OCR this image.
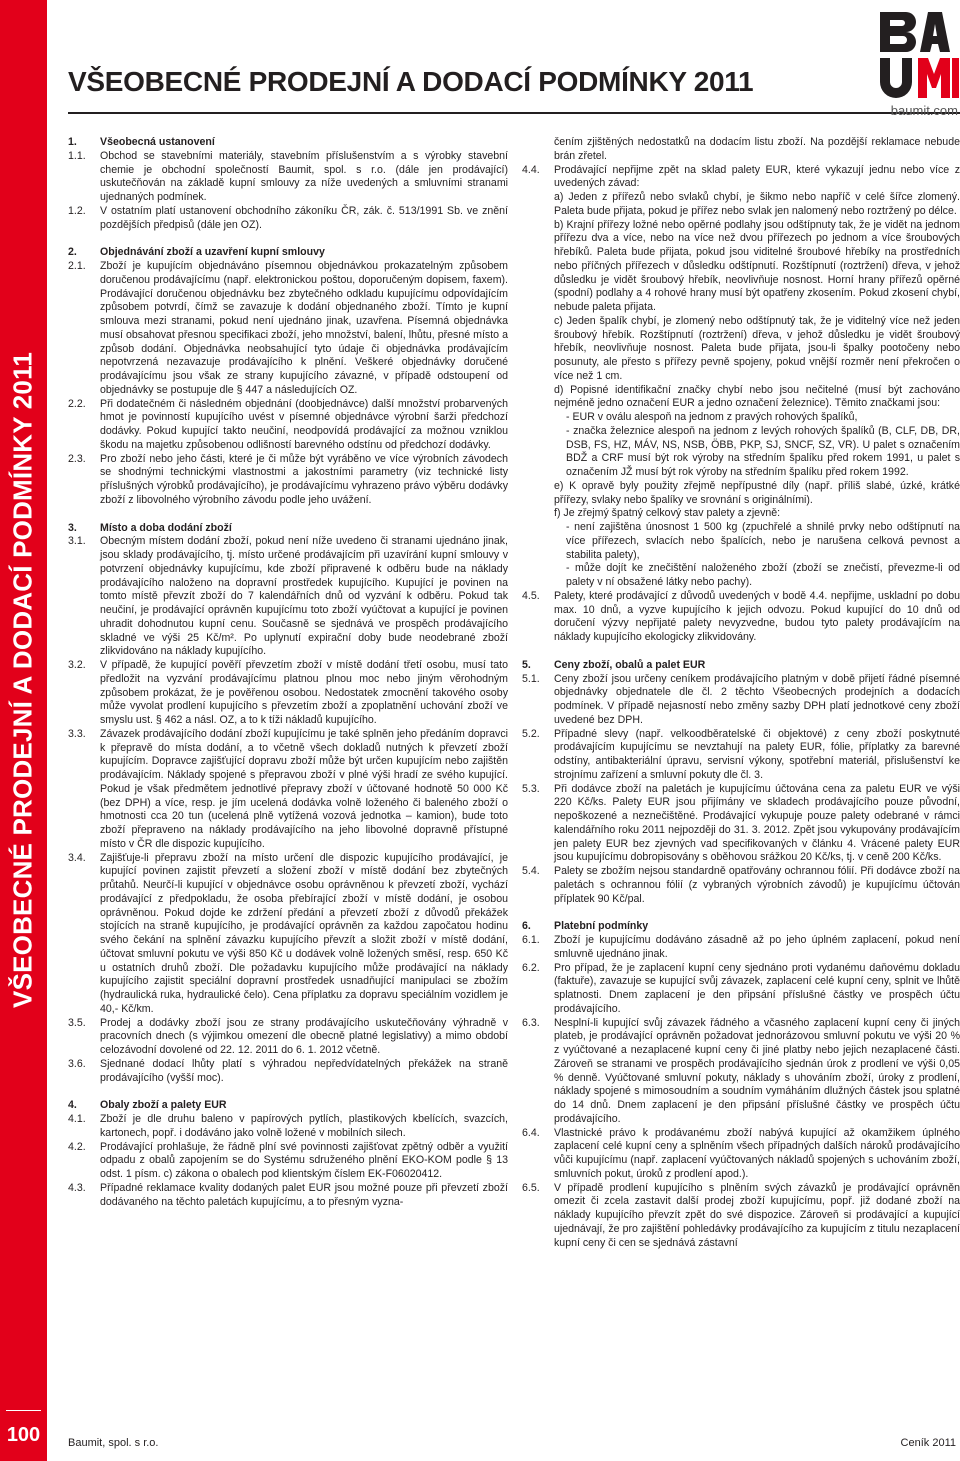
VŠEOBECNÉ PRODEJNÍ A DODACÍ PODMÍNKY 2011
100
VŠEOBECNÉ PRODEJNÍ A DODACÍ PODMÍNKY 2011
baumit.com
1.	Všeobecná ustanovení
1.1.	Obchod se stavebními materiály, stavebním příslušenstvím a s výrobky stavební chemie je obchodní společností Baumit, spol. s r.o. (dále jen prodávající) uskutečňován na základě kupní smlouvy za níže uvedených a smluvními stranami ujednaných podmínek.
1.2.	V ostatním platí ustanovení obchodního zákoníku ČR, zák. č. 513/1991 Sb. ve znění pozdějších předpisů (dále jen OZ).
2.	Objednávání zboží a uzavření kupní smlouvy
2.1.	Zboží je kupujícím objednáváno písemnou objednávkou prokazatelným způsobem doručenou prodávajícímu (např. elektronickou poštou, doporučeným dopisem, faxem). Prodávající doručenou objednávku bez zbytečného odkladu kupujícímu odpovídajícím způsobem potvrdí, čímž se zavazuje k dodání objednaného zboží. Tímto je kupní smlouva mezi stranami, pokud není ujednáno jinak, uzavřena. Písemná objednávka musí obsahovat přesnou specifikaci zboží, jeho množství, balení, lhůtu, přesné místo a způsob dodání. Objednávka neobsahující tyto údaje či objednávka prodávajícím nepotvrzená nezavazuje prodávajícího k plnění. Veškeré objednávky doručené prodávajícímu jsou však ze strany kupujícího závazné, v případě odstoupení od objednávky se postupuje dle § 447 a následujících OZ.
2.2.	Při dodatečném či následném objednání (doobjednávce) další množství probarvených hmot je povinností kupujícího uvést v písemné objednávce výrobní šarži předchozí dodávky. Pokud kupující takto neučiní, neodpovídá prodávající za možnou vzniklou škodu na majetku způsobenou odlišností barevného odstínu od předchozí dodávky.
2.3.	Pro zboží nebo jeho části, které je či může být vyráběno ve více výrobních závodech se shodnými technickými vlastnostmi a jakostními parametry (viz technické listy příslušných výrobků prodávajícího), je prodávajícímu vyhrazeno právo výběru dodávky zboží z libovolného výrobního závodu podle jeho uvážení.
3.	Místo a doba dodání zboží
3.1.	Obecným místem dodání zboží, pokud není níže uvedeno či stranami ujednáno jinak, jsou sklady prodávajícího, tj. místo určené prodávajícím při uzavírání kupní smlouvy v potvrzení objednávky kupujícímu, kde zboží připravené k odběru bude na náklady prodávajícího naloženo na dopravní prostředek kupujícího. Kupující je povinen na tomto místě převzít zboží do 7 kalendářních dnů od vyzvání k odběru. Pokud tak neučiní, je prodávající oprávněn kupujícímu toto zboží vyúčtovat a kupující je povinen uhradit dohodnutou kupní cenu. Současně se sjednává ve prospěch prodávajícího skladné ve výši 25 Kč/m². Po uplynutí expirační doby bude neodebrané zboží zlikvidováno na náklady kupujícího.
3.2.	V případě, že kupující pověří převzetím zboží v místě dodání třetí osobu, musí tato předložit na vyzvání prodávajícímu platnou plnou moc nebo jiným věrohodným způsobem prokázat, že je pověřenou osobou. Nedostatek zmocnění takového osoby může vyvolat prodlení kupujícího s převzetím zboží a zpoplatnění uchování zboží ve smyslu ust. § 462 a násl. OZ, a to k tíži nákladů kupujícího.
3.3.	Závazek prodávajícího dodání zboží kupujícímu je také splněn jeho předáním dopravci k přepravě do místa dodání, a to včetně všech dokladů nutných k převzetí zboží kupujícím. Dopravce zajišťující dopravu zboží může být určen kupujícím nebo zajištěn prodávajícím. Náklady spojené s přepravou zboží v plné výši hradí ze svého kupující. Pokud je však předmětem jednotlivé přepravy zboží v účtované hodnotě 50 000 Kč (bez DPH) a více, resp. je jím ucelená dodávka volně loženého či baleného zboží o hmotnosti cca 20 tun (ucelená plně vytížená vozová jednotka – kamion), bude toto zboží přepraveno na náklady prodávajícího na jeho libovolné dopravně přístupné místo v ČR dle dispozic kupujícího.
3.4.	Zajišťuje-li přepravu zboží na místo určení dle dispozic kupujícího prodávající, je kupující povinen zajistit převzetí a složení zboží v místě dodání bez zbytečných průtahů. Neurčí-li kupující v objednávce osobu oprávněnou k převzetí zboží, vychází prodávající z předpokladu, že osoba přebírající zboží v místě dodání, je osobou oprávněnou. Pokud dojde ke zdržení předání a převzetí zboží z důvodů překážek stojících na straně kupujícího, je prodávající oprávněn za každou započatou hodinu svého čekání na splnění závazku kupujícího převzít a složit zboží v místě dodání, účtovat smluvní pokutu ve výši 850 Kč u dodávek volně ložených směsí, resp. 650 Kč u ostatních druhů zboží. Dle požadavku kupujícího může prodávající na náklady kupujícího zajistit speciální dopravní prostředek usnadňující manipulaci se zbožím (hydraulická ruka, hydraulické čelo). Cena příplatku za dopravu speciálním vozidlem je 40,- Kč/km.
3.5.	Prodej a dodávky zboží jsou ze strany prodávajícího uskutečňovány výhradně v pracovních dnech (s výjimkou omezení dle obecně platné legislativy) a mimo období celozávodní dovolené od 22. 12. 2011 do 6. 1. 2012 včetně.
3.6.	Sjednané dodací lhůty platí s výhradou nepředvídatelných překážek na straně prodávajícího (vyšší moc).
4.	Obaly zboží a palety EUR
4.1.	Zboží je dle druhu baleno v papírových pytlích, plastikových kbelících, svazcích, kartonech, popř. i dodáváno jako volně ložené v mobilních silech.
4.2.	Prodávající prohlašuje, že řádně plní své povinnosti zajišťovat zpětný odběr a využití odpadu z obalů zapojením se do Systému sdruženého plnění EKO-KOM podle § 13 odst. 1 písm. c) zákona o obalech pod klientským číslem EK-F06020412.
4.3.	Případné reklamace kvality dodaných palet EUR jsou možné pouze při převzetí zboží dodávaného na těchto paletách kupujícímu, a to přesným vyzna-
čením zjištěných nedostatků na dodacím listu zboží. Na pozdější reklamace nebude brán zřetel.
4.4.	Prodávající nepřijme zpět na sklad palety EUR, které vykazují jednu nebo více z uvedených závad:

a) Jeden z přířezů nebo svlaků chybí, je šikmo nebo napříč v celé šířce zlomený. Paleta bude přijata, pokud je přířez nebo svlak jen nalomený nebo roztržený po délce.

b) Krajní přířezy ložné nebo opěrné podlahy jsou odštípnuty tak, že je vidět na jednom přířezu dva a více, nebo na více než dvou přířezech po jednom a více šroubových hřebíků. Paleta bude přijata, pokud jsou viditelné šroubové hřebíky na prostředních nebo příčných přířezech v důsledku odštípnutí. Rozštípnutí (roztržení) dřeva, v jehož důsledku je vidět šroubový hřebík, neovlivňuje nosnost. Horní hrany přířezů opěrné (spodní) podlahy a 4 rohové hrany musí být opatřeny zkosením. Pokud zkosení chybí, nebude paleta přijata.

c) Jeden špalík chybí, je zlomený nebo odštípnutý tak, že je viditelný více než jeden šroubový hřebík. Rozštípnutí (roztržení) dřeva, v jehož důsledku je vidět šroubový hřebík, neovlivňuje nosnost. Paleta bude přijata, jsou-li špalky pootočeny nebo posunuty, ale přesto s přířezy pevně spojeny, pokud vnější rozměr není překročen o více než 1 cm.

d) Popisné identifikační značky chybí nebo jsou nečitelné (musí být zachováno nejméně jedno označení EUR a jedno označení železnice). Těmito značkami jsou:

- EUR v oválu alespoň na jednom z pravých rohových špalíků,

- značka železnice alespoň na jednom z levých rohových špalíků (B, CLF, DB, DR, DSB, FS, HZ, MÁV, NS, NSB, ÖBB, PKP, SJ, SNCF, SZ, VR). U palet s označením BDŽ a CRF musí být rok výroby na středním špalíku před rokem 1991, u palet s označením JŽ musí být rok výroby na středním špalíku před rokem 1992.

e) K opravě byly použity zřejmě nepřípustné díly (např. příliš slabé, úzké, krátké přířezy, svlaky nebo špalíky ve srovnání s originálními).

f) Je zřejmý špatný celkový stav palety a zjevně:

- není zajištěna únosnost 1 500 kg (zpuchřelé a shnilé prvky nebo odštípnutí na více přířezech, svlacích nebo špalících, nebo je narušena celková pevnost a stabilita palety),

- může dojít ke znečištění naloženého zboží (zboží se znečistí, převezme-li od palety v ní obsažené látky nebo pachy).

4.5.	Palety, které prodávající z důvodů uvedených v bodě 4.4. nepřijme, uskladní po dobu max. 10 dnů, a vyzve kupujícího k jejich odvozu. Pokud kupující do 10 dnů od doručení výzvy nepřijaté palety nevyzvedne, budou tyto palety prodávajícím na náklady kupujícího ekologicky zlikvidovány.
5.	Ceny zboží, obalů a palet EUR
5.1.	Ceny zboží jsou určeny ceníkem prodávajícího platným v době přijetí řádné písemné objednávky objednatele dle čl. 2 těchto Všeobecných prodejních a dodacích podmínek. V případě nejasností nebo změny sazby DPH platí jednotkové ceny zboží uvedené bez DPH.
5.2.	Případné slevy (např. velkoodběratelské či objektové) z ceny zboží poskytnuté prodávajícím kupujícímu se nevztahují na palety EUR, fólie, příplatky za barevné odstíny, antibakteriální úpravu, servisní výkony, spotřební materiál, přislušenství ke strojnímu zařízení a smluvní pokuty dle čl. 3.
5.3.	Při dodávce zboží na paletách je kupujícímu účtována cena za paletu EUR ve výši 220 Kč/ks. Palety EUR jsou přijímány ve skladech prodávajícího pouze původní, nepoškozené a neznečištěné. Prodávající vykupuje pouze palety odebrané v rámci kalendářního roku 2011 nejpozději do 31. 3. 2012. Zpět jsou vykupovány prodávajícím jen palety EUR bez zjevných vad specifikovaných v článku 4. Vrácené palety EUR jsou kupujícímu dobropisovány s oběhovou srážkou 20 Kč/ks, tj. v ceně 200 Kč/ks.
5.4.	Palety se zbožím nejsou standardně opatřovány ochrannou fólií. Při dodávce zboží na paletách s ochrannou fólií (z vybraných výrobních závodů) je kupujícímu účtován příplatek 90 Kč/pal.
6.	Platební podmínky
6.1.	Zboží je kupujícímu dodáváno zásadně až po jeho úplném zaplacení, pokud není smluvně ujednáno jinak.
6.2.	Pro případ, že je zaplacení kupní ceny sjednáno proti vydanému daňovému dokladu (faktuře), zavazuje se kupující svůj závazek, zaplacení celé kupní ceny, splnit ve lhůtě splatnosti. Dnem zaplacení je den připsání příslušné částky ve prospěch účtu prodávajícího.
6.3.	Nesplní-li kupující svůj závazek řádného a včasného zaplacení kupní ceny či jiných plateb, je prodávající oprávněn požadovat jednorázovou smluvní pokutu ve výši 20 % z vyúčtované a nezaplacené kupní ceny či jiné platby nebo jejich nezaplacené části. Zároveň se stranami ve prospěch prodávajícího sjednán úrok z prodlení ve výši 0,05 % denně. Vyúčtované smluvní pokuty, náklady s uhováním zboží, úroky z prodlení, náklady spojené s mimosoudním a soudním vymáháním dlužných částek jsou splatné do 14 dnů. Dnem zaplacení je den připsání příslušné částky ve prospěch účtu prodávajícího.
6.4.	Vlastnické právo k prodávanému zboží nabývá kupující až okamžikem úplného zaplacení celé kupní ceny a splněním všech případných dalších nároků prodávajícího vůči kupujícímu (např. zaplacení vyúčtovaných nákladů spojených s uchováním zboží, smluvních pokut, úroků z prodlení apod.).
6.5.	V případě prodlení kupujícího s plněním svých závazků je prodávající oprávněn omezit či zcela zastavit další prodej zboží kupujícímu, popř. již dodané zboží na náklady kupujícího převzít zpět do své dispozice. Zároveň si prodávající a kupující ujednávají, že pro zajištění pohledávky prodávajícího za kupujícím z titulu nezaplacení kupní ceny či cen se sjednává zástavní
Baumit, spol. s r.o.	Ceník 2011
